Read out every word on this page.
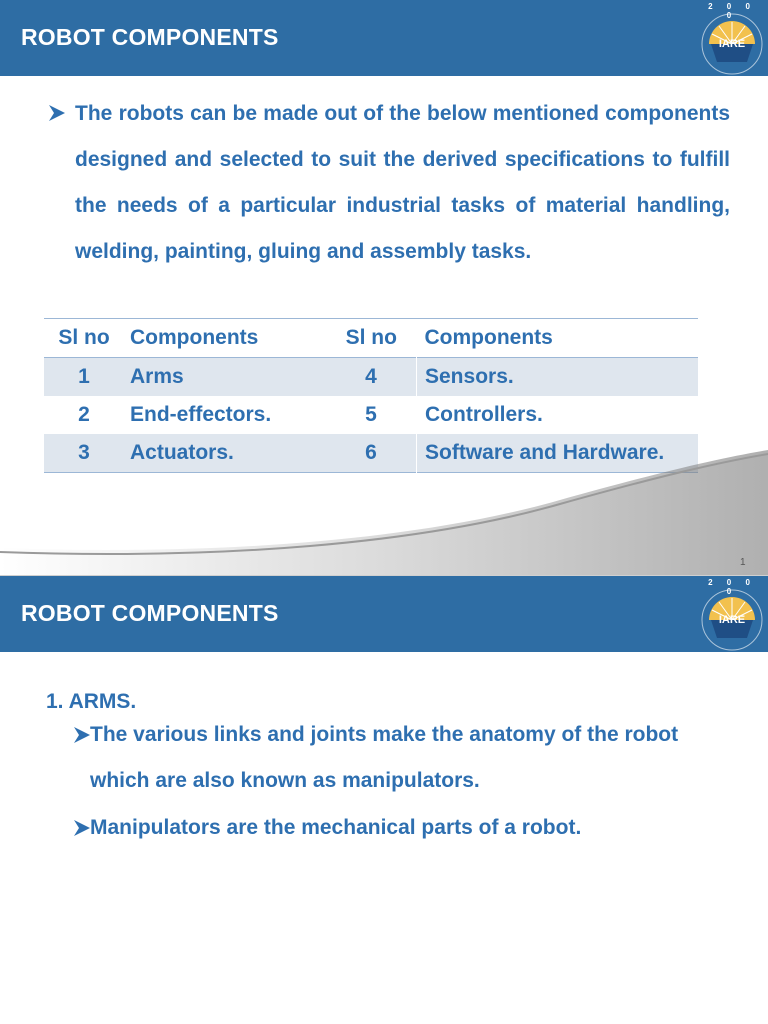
ROBOT COMPONENTS
2 0 0 0
IARE
The robots can be made out of the below mentioned components designed and selected to suit the derived specifications to fulfill the needs of a particular industrial tasks of material handling, welding, painting, gluing and assembly tasks.
Sl no	Components	Sl no	Components
1	Arms	4	Sensors.
2	End-effectors.	5	Controllers.
3	Actuators.	6	Software and Hardware.
1
ROBOT COMPONENTS
2 0 0 0
IARE
1. ARMS.
The various links and joints make the anatomy of the robot which are also known as manipulators.
Manipulators are the mechanical parts of a robot.
